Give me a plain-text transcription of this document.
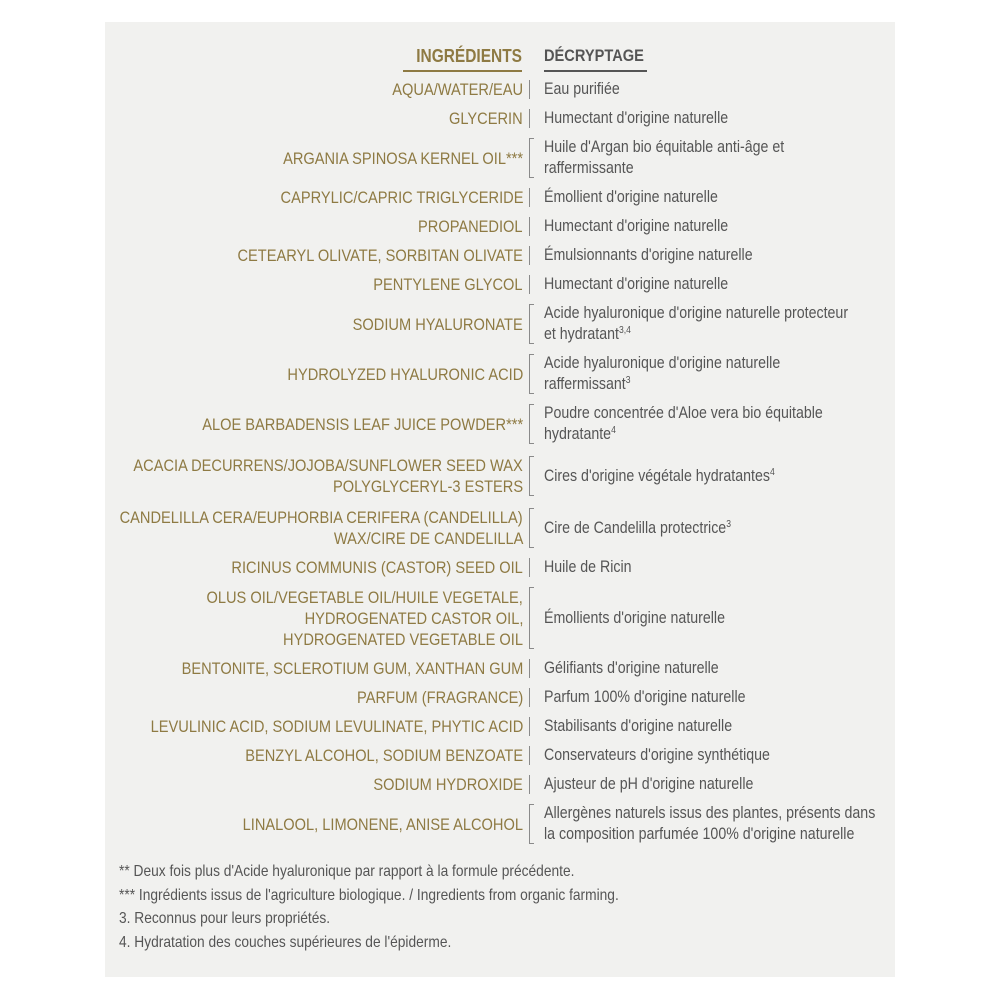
INGRÉDIENTS DÉCRYPTAGE
AQUA/WATER/EAU Eau purifiée
GLYCERIN Humectant d'origine naturelle
ARGANIA SPINOSA KERNEL OIL***
Huile d'Argan bio équitable anti-âge et
raffermissante
CAPRYLIC/CAPRIC TRIGLYCERIDE Émollient d'origine naturelle
PROPANEDIOL Humectant d'origine naturelle
CETEARYL OLIVATE, SORBITAN OLIVATE Émulsionnants d'origine naturelle
PENTYLENE GLYCOL Humectant d'origine naturelle
SODIUM HYALURONATE
Acide hyaluronique d'origine naturelle protecteur
et hydratant$^{3,4}$
HYDROLYZED HYALURONIC ACID
Acide hyaluronique d'origine naturelle
raffermissant$^3$
ALOE BARBADENSIS LEAF JUICE POWDER***
Poudre concentrée d'Aloe vera bio équitable
hydratante$^4$
ACACIA DECURRENS/JOJOBA/SUNFLOWER SEED WAX
POLYGLYCERYL-3 ESTERS
Cires d'origine végétale hydratantes$^4$
CANDELILLA CERA/EUPHORBIA CERIFERA (CANDELILLA)
WAX/CIRE DE CANDELILLA
Cire de Candelilla protectrice$^3$
RICINUS COMMUNIS (CASTOR) SEED OIL Huile de Ricin
OLUS OIL/VEGETABLE OIL/HUILE VEGETALE,
HYDROGENATED CASTOR OIL,
HYDROGENATED VEGETABLE OIL
Émollients d'origine naturelle
BENTONITE, SCLEROTIUM GUM, XANTHAN GUM Gélifiants d'origine naturelle
PARFUM (FRAGRANCE) Parfum 100% d'origine naturelle
LEVULINIC ACID, SODIUM LEVULINATE, PHYTIC ACID Stabilisants d'origine naturelle
BENZYL ALCOHOL, SODIUM BENZOATE Conservateurs d'origine synthétique
SODIUM HYDROXIDE Ajusteur de pH d'origine naturelle
LINALOOL, LIMONENE, ANISE ALCOHOL
Allergènes naturels issus des plantes, présents dans
la composition parfumée 100% d'origine naturelle
** Deux fois plus d'Acide hyaluronique par rapport à la formule précédente.
*** Ingrédients issus de l'agriculture biologique. / Ingredients from organic farming.
3. Reconnus pour leurs propriétés.
4. Hydratation des couches supérieures de l'épiderme.
